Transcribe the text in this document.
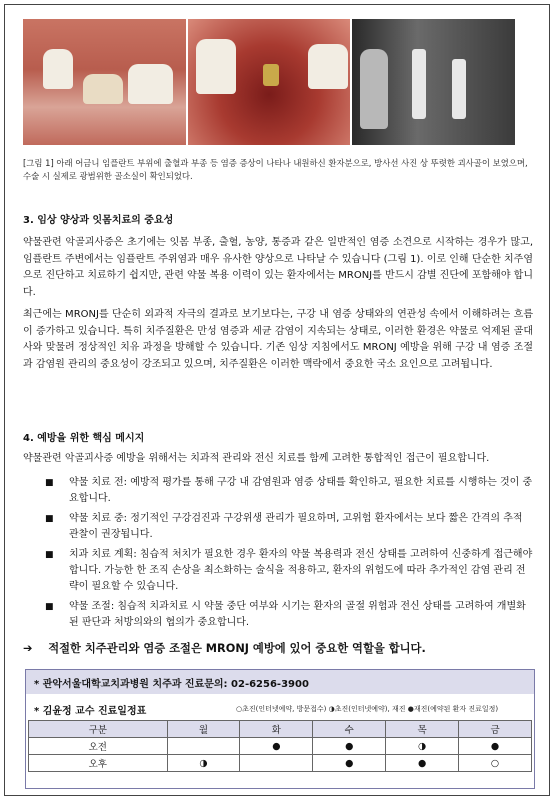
[그림 1] 아래 어금니 임플란트 부위에 출혈과 부종 등 염증 증상이 나타나 내원하신 환자분으로, 방사선 사진 상 뚜렷한 괴사골이 보였으며, 수술 시 실제로 광범위한 골소실이 확인되었다.
3. 임상 양상과 잇몸치료의 중요성
약물관련 악골괴사증은 초기에는 잇몸 부종, 출혈, 농양, 통증과 같은 일반적인 염증 소견으로 시작하는 경우가 많고, 임플란트 주변에서는 임플란트 주위염과 매우 유사한 양상으로 나타날 수 있습니다 (그림 1). 이로 인해 단순한 치주염으로 진단하고 치료하기 쉽지만, 관련 약물 복용 이력이 있는 환자에서는 MRONJ를 반드시 감별 진단에 포함해야 합니다.
최근에는 MRONJ를 단순히 외과적 자극의 결과로 보기보다는, 구강 내 염증 상태와의 연관성 속에서 이해하려는 흐름이 증가하고 있습니다. 특히 치주질환은 만성 염증과 세균 감염이 지속되는 상태로, 이러한 환경은 약물로 억제된 골대사와 맞물려 정상적인 치유 과정을 방해할 수 있습니다. 기존 임상 지침에서도 MRONJ 예방을 위해 구강 내 염증 조절과 감염원 관리의 중요성이 강조되고 있으며, 치주질환은 이러한 맥락에서 중요한 국소 요인으로 고려됩니다.
4. 예방을 위한 핵심 메시지
약물관련 악골괴사증 예방을 위해서는 치과적 관리와 전신 치료를 함께 고려한 통합적인 접근이 필요합니다.
■ 약물 치료 전: 예방적 평가를 통해 구강 내 감염원과 염증 상태를 확인하고, 필요한 치료를 시행하는 것이 중요합니다.
■ 약물 치료 중: 정기적인 구강검진과 구강위생 관리가 필요하며, 고위험 환자에서는 보다 짧은 간격의 추적 관찰이 권장됩니다.
■ 치과 치료 계획: 침습적 처치가 필요한 경우 환자의 약물 복용력과 전신 상태를 고려하여 신중하게 접근해야 합니다. 가능한 한 조직 손상을 최소화하는 술식을 적용하고, 환자의 위험도에 따라 추가적인 감염 관리 전략이 필요할 수 있습니다.
■ 약물 조절: 침습적 치과치료 시 약물 중단 여부와 시기는 환자의 골절 위험과 전신 상태를 고려하여 개별화된 판단과 처방의와의 협의가 중요합니다.
➔ 적절한 치주관리와 염증 조절은 MRONJ 예방에 있어 중요한 역할을 합니다.
* 관악서울대학교치과병원 치주과 진료문의: 02-6256-3900
* 김윤정 교수 진료일정표	○초진(인터넷예약, 방문접수) ◑초진(인터넷예약), 재진 ●재진(예약된 환자 진료일정)
구분	월	화	수	목	금
오전		●	●	◑	●
오후	◑		●	●	○
